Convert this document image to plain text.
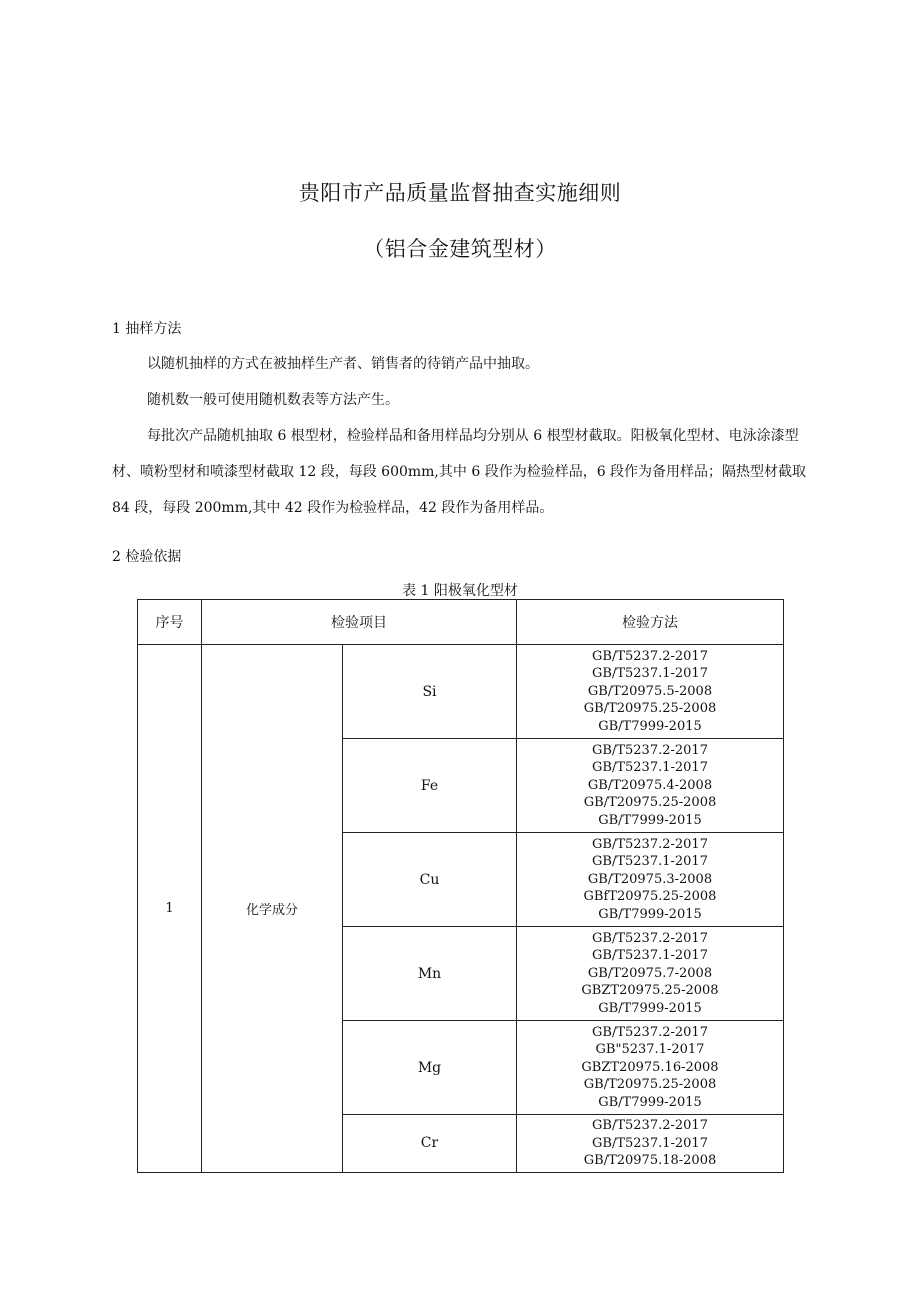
贵阳市产品质量监督抽查实施细则
（铝合金建筑型材）
1 抽样方法
以随机抽样的方式在被抽样生产者、销售者的待销产品中抽取。
随机数一般可使用随机数表等方法产生。
每批次产品随机抽取 6 根型材，检验样品和备用样品均分别从 6 根型材截取。阳极氧化型材、电泳涂漆型材、喷粉型材和喷漆型材截取 12 段，每段 600mm,其中 6 段作为检验样品，6 段作为备用样品；隔热型材截取 84 段，每段 200mm,其中 42 段作为检验样品，42 段作为备用样品。
2 检验依据
表 1 阳极氧化型材
序号	检验项目		检验方法
1	化学成分	Si	GB/T5237.2-2017
GB/T5237.1-2017
GB/T20975.5-2008
GB/T20975.25-2008
GB/T7999-2015

		Fe	GB/T5237.2-2017
GB/T5237.1-2017
GB/T20975.4-2008
GB/T20975.25-2008
GB/T7999-2015

		Cu	GB/T5237.2-2017
GB/T5237.1-2017
GB/T20975.3-2008
GBfT20975.25-2008
GB/T7999-2015

		Mn	GB/T5237.2-2017
GB/T5237.1-2017
GB/T20975.7-2008
GBZT20975.25-2008
GB/T7999-2015

		Mg	GB/T5237.2-2017
GB"5237.1-2017
GBZT20975.16-2008
GB/T20975.25-2008
GB/T7999-2015

		Cr	GB/T5237.2-2017
GB/T5237.1-2017
GB/T20975.18-2008
